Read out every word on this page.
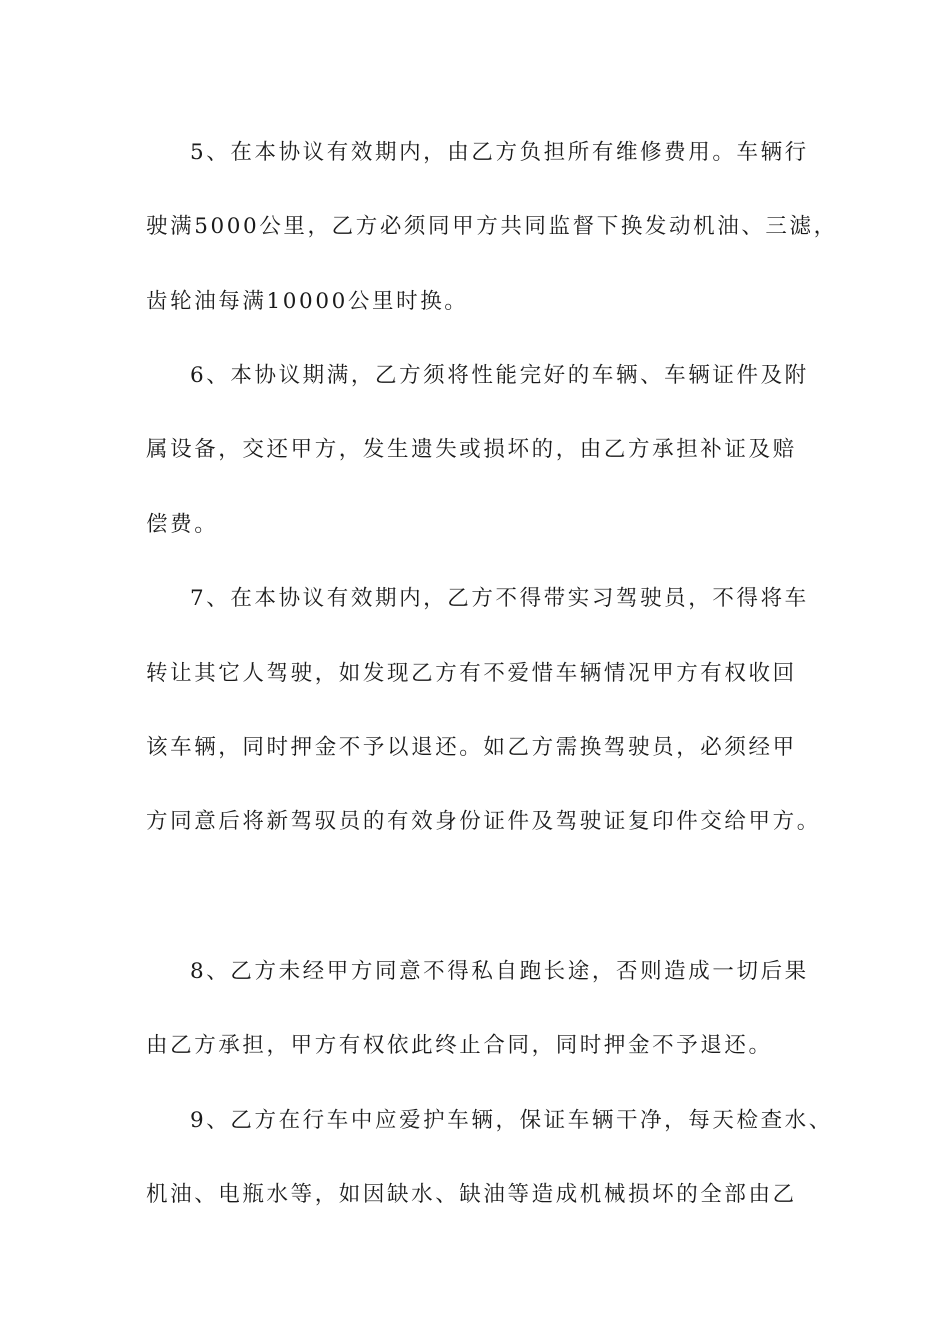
5、在本协议有效期内，由乙方负担所有维修费用。车辆行
驶满5000公里，乙方必须同甲方共同监督下换发动机油、三滤，
齿轮油每满10000公里时换。
6、本协议期满，乙方须将性能完好的车辆、车辆证件及附
属设备，交还甲方，发生遗失或损坏的，由乙方承担补证及赔
偿费。
7、在本协议有效期内，乙方不得带实习驾驶员，不得将车
转让其它人驾驶，如发现乙方有不爱惜车辆情况甲方有权收回
该车辆，同时押金不予以退还。如乙方需换驾驶员，必须经甲
方同意后将新驾驭员的有效身份证件及驾驶证复印件交给甲方。
8、乙方未经甲方同意不得私自跑长途，否则造成一切后果
由乙方承担，甲方有权依此终止合同，同时押金不予退还。
9、乙方在行车中应爱护车辆，保证车辆干净，每天检查水、
机油、电瓶水等，如因缺水、缺油等造成机械损坏的全部由乙
